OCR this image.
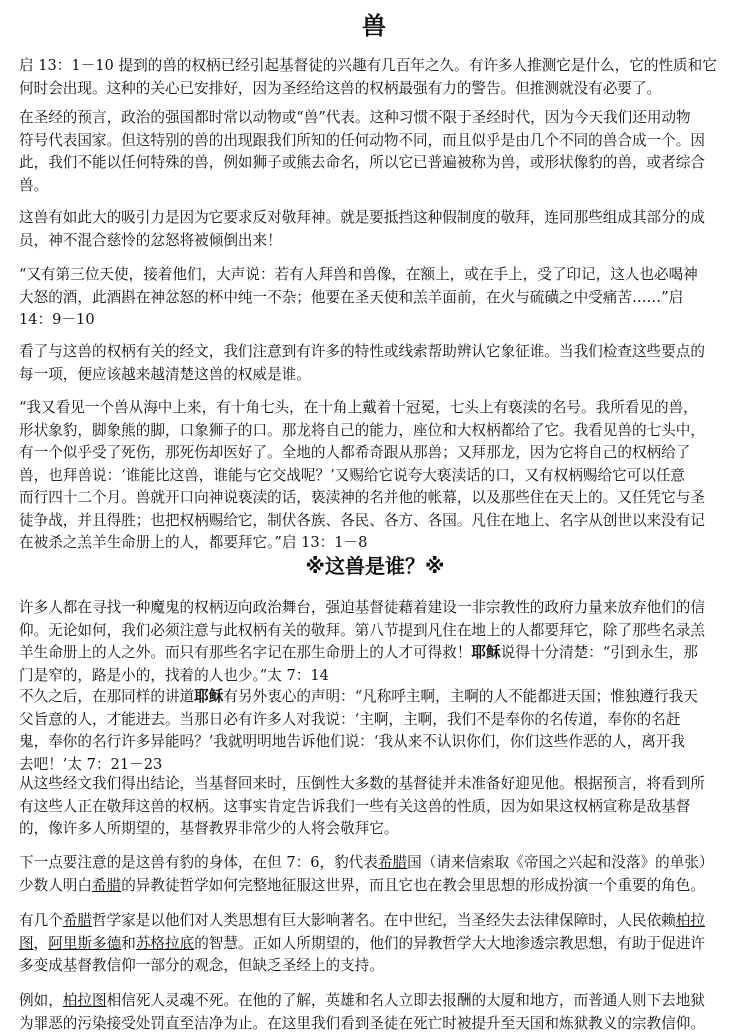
兽
※这兽是谁？※
启 13：1－10 提到的兽的权柄已经引起基督徒的兴趣有几百年之久。有许多人推测它是什么，它的性质和它
何时会出现。这种的关心已安排好，因为圣经给这兽的权柄最强有力的警告。但推测就没有必要了。
在圣经的预言，政治的强国都时常以动物或“兽”代表。这种习惯不限于圣经时代，因为今天我们还用动物
符号代表国家。但这特别的兽的出现跟我们所知的任何动物不同，而且似乎是由几个不同的兽合成一个。因
此，我们不能以任何特殊的兽，例如狮子或熊去命名，所以它已普遍被称为兽，或形状像豹的兽，或者综合
兽。
这兽有如此大的吸引力是因为它要求反对敬拜神。就是要抵挡这种假制度的敬拜，连同那些组成其部分的成
员，神不混合慈怜的忿怒将被倾倒出来！
“又有第三位天使，接着他们，大声说：若有人拜兽和兽像，在额上，或在手上，受了印记，这人也必喝神
大怒的酒，此酒斟在神忿怒的杯中纯一不杂；他要在圣天使和羔羊面前，在火与硫磺之中受痛苦……”启
14：9－10
看了与这兽的权柄有关的经文，我们注意到有许多的特性或线索帮助辨认它象征谁。当我们检查这些要点的
每一项，便应该越来越清楚这兽的权威是谁。
“我又看见一个兽从海中上来，有十角七头，在十角上戴着十冠冕，七头上有亵渎的名号。我所看见的兽，
形状象豹，脚象熊的脚，口象狮子的口。那龙将自己的能力，座位和大权柄都给了它。我看见兽的七头中，
有一个似乎受了死伤，那死伤却医好了。全地的人都希奇跟从那兽；又拜那龙，因为它将自己的权柄给了
兽，也拜兽说：‘谁能比这兽，谁能与它交战呢？’又赐给它说夸大亵渎话的口，又有权柄赐给它可以任意
而行四十二个月。兽就开口向神说亵渎的话，亵渎神的名并他的帐幕，以及那些住在天上的。又任凭它与圣
徒争战，并且得胜；也把权柄赐给它，制伏各族、各民、各方、各国。凡住在地上、名字从创世以来没有记
在被杀之羔羊生命册上的人，都要拜它。”启 13：1－8
许多人都在寻找一种魔鬼的权柄迈向政治舞台，强迫基督徒藉着建设一非宗教性的政府力量来放弃他们的信
仰。无论如何，我们必须注意与此权柄有关的敬拜。第八节提到凡住在地上的人都要拜它，除了那些名录羔
羊生命册上的人之外。而只有那些名字记在那生命册上的人才可得救！耶稣说得十分清楚：“引到永生，那
门是窄的，路是小的，找着的人也少。”太 7：14
不久之后，在那同样的讲道耶稣有另外衷心的声明：“凡称呼主啊，主啊的人不能都进天国；惟独遵行我天
父旨意的人，才能进去。当那日必有许多人对我说：‘主啊，主啊，我们不是奉你的名传道，奉你的名赶
鬼，奉你的名行许多异能吗？’我就明明地告诉他们说：‘我从来不认识你们，你们这些作恶的人，离开我
去吧！’太 7：21－23
从这些经文我们得出结论，当基督回来时，压倒性大多数的基督徒并未准备好迎见他。根据预言，将看到所
有这些人正在敬拜这兽的权柄。这事实肯定告诉我们一些有关这兽的性质，因为如果这权柄宣称是敌基督
的，像许多人所期望的，基督教界非常少的人将会敬拜它。
下一点要注意的是这兽有豹的身体，在但 7：6，豹代表希腊国（请来信索取《帝国之兴起和没落》的单张）
少数人明白希腊的异教徒哲学如何完整地征服这世界，而且它也在教会里思想的形成扮演一个重要的角色。
有几个希腊哲学家是以他们对人类思想有巨大影响著名。在中世纪，当圣经失去法律保障时，人民依赖柏拉
图，阿里斯多德和苏格拉底的智慧。正如人所期望的，他们的异教哲学大大地渗透宗教思想，有助于促进许
多变成基督教信仰一部分的观念，但缺乏圣经上的支持。
例如，柏拉图相信死人灵魂不死。在他的了解，英雄和名人立即去报酬的大厦和地方，而普通人则下去地狱
为罪恶的污染接受处罚直至洁净为止。在这里我们看到圣徒在死亡时被提升至天国和炼狱教义的宗教信仰。
